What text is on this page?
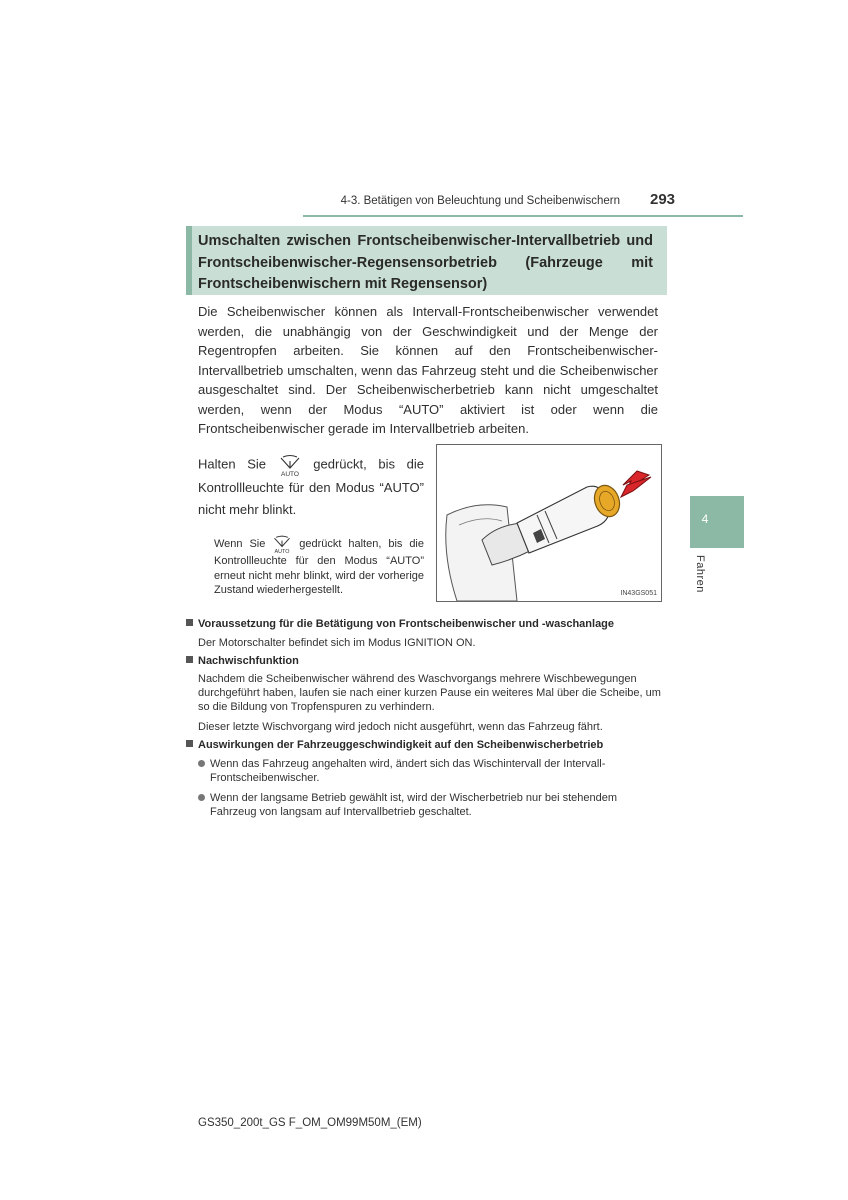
4-3. Betätigen von Beleuchtung und Scheibenwischern 293
4
Fahren
Umschalten zwischen Frontscheibenwischer-Intervallbetrieb und Frontscheibenwischer-Regensensorbetrieb (Fahrzeuge mit Frontscheibenwischern mit Regensensor)
Die Scheibenwischer können als Intervall-Frontscheibenwischer verwendet werden, die unabhängig von der Geschwindigkeit und der Menge der Regentropfen arbeiten. Sie können auf den Frontscheibenwischer-Intervallbetrieb umschalten, wenn das Fahrzeug steht und die Scheibenwischer ausgeschaltet sind. Der Scheibenwischerbetrieb kann nicht umgeschaltet werden, wenn der Modus “AUTO” aktiviert ist oder wenn die Frontscheibenwischer gerade im Intervallbetrieb arbeiten.
Halten Sie
AUTO
gedrückt, bis die Kontrollleuchte für den Modus “AUTO” nicht mehr blinkt.
Wenn Sie
AUTO
gedrückt halten, bis die Kontrollleuchte für den Modus “AUTO” erneut nicht mehr blinkt, wird der vorherige Zustand wiederhergestellt.	IN43GS051
Voraussetzung für die Betätigung von Frontscheibenwischer und -waschanlage
Der Motorschalter befindet sich im Modus IGNITION ON.
Nachwischfunktion
Nachdem die Scheibenwischer während des Waschvorgangs mehrere Wischbewegungen durchgeführt haben, laufen sie nach einer kurzen Pause ein weiteres Mal über die Scheibe, um so die Bildung von Tropfenspuren zu verhindern.
Dieser letzte Wischvorgang wird jedoch nicht ausgeführt, wenn das Fahrzeug fährt.
Auswirkungen der Fahrzeuggeschwindigkeit auf den Scheibenwischerbetrieb
Wenn das Fahrzeug angehalten wird, ändert sich das Wischintervall der Intervall-Frontscheibenwischer.
Wenn der langsame Betrieb gewählt ist, wird der Wischerbetrieb nur bei stehendem Fahrzeug von langsam auf Intervallbetrieb geschaltet.
GS350_200t_GS F_OM_OM99M50M_(EM)
